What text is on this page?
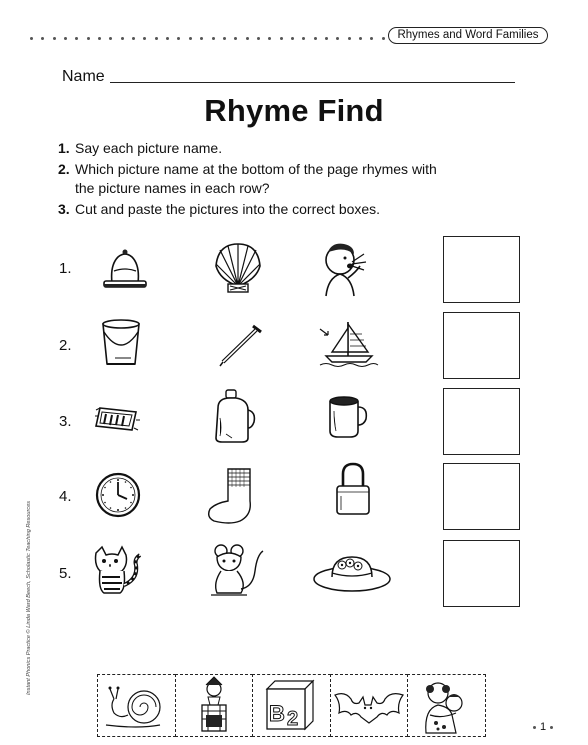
Rhymes and Word Families
Name
Rhyme Find
1. Say each picture name.
2. Which picture name at the bottom of the page rhymes with the picture names in each row?
3. Cut and paste the pictures into the correct boxes.
1.
2.
3.
4.
5.
Instant Phonics Practice © Linda Ward Beech, Scholastic Teaching Resources
B 2	1
